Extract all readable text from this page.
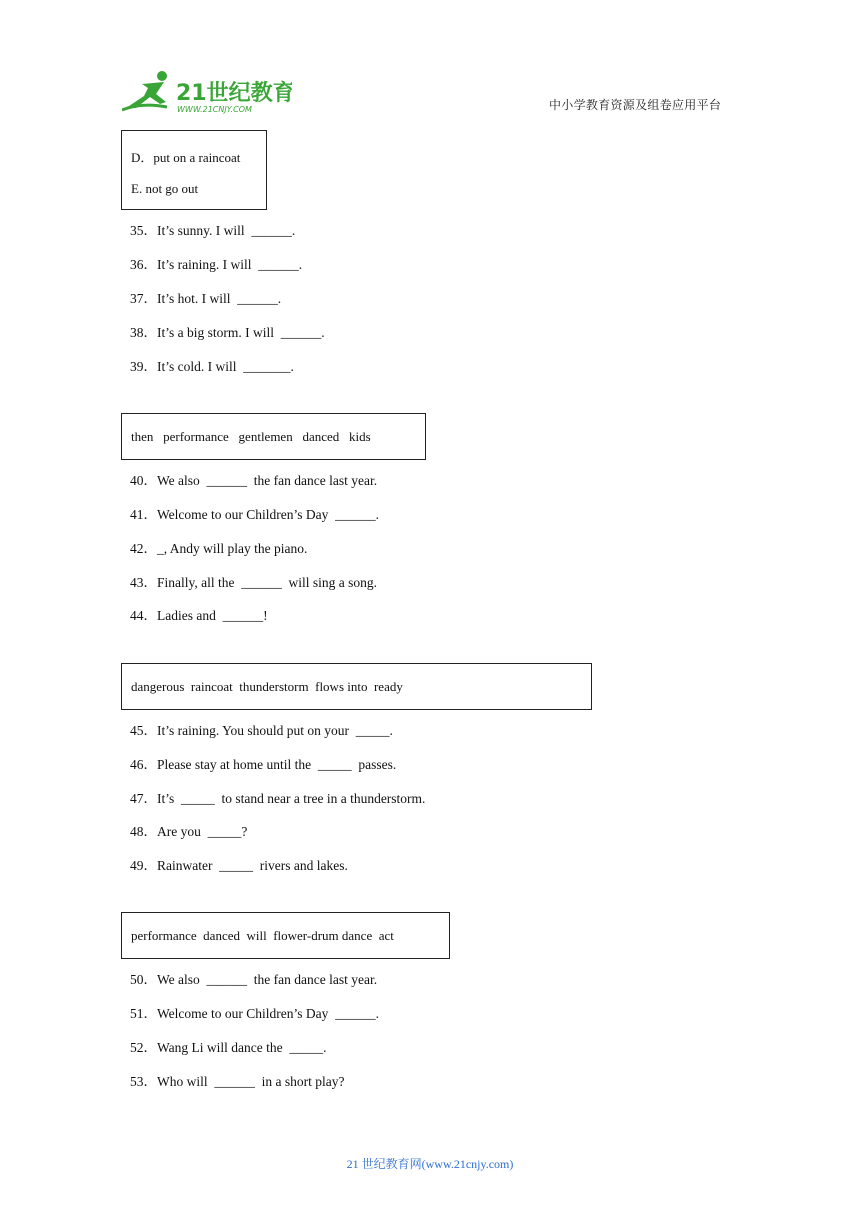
21世纪教育
WWW.21CNJY.COM	中小学教育资源及组卷应用平台
D．put on a raincoat
E. not go out
35．It’s sunny. I will  ______.
36．It’s raining. I will  ______.
37．It’s hot. I will  ______.
38．It’s a big storm. I will  ______.
39．It’s cold. I will  _______.
then   performance   gentlemen   danced   kids
40．We also  ______  the fan dance last year.
41．Welcome to our Children’s Day  ______.
42．_, Andy will play the piano.
43．Finally, all the  ______  will sing a song.
44．Ladies and  ______!
dangerous  raincoat  thunderstorm  flows into  ready
45．It’s raining. You should put on your  _____.
46．Please stay at home until the  _____  passes.
47．It’s  _____  to stand near a tree in a thunderstorm.
48．Are you  _____?
49．Rainwater  _____  rivers and lakes.
performance  danced  will  flower-drum dance  act
50．We also  ______  the fan dance last year.
51．Welcome to our Children’s Day  ______.
52．Wang Li will dance the  _____.
53．Who will  ______  in a short play?
21 世纪教育网(www.21cnjy.com)
